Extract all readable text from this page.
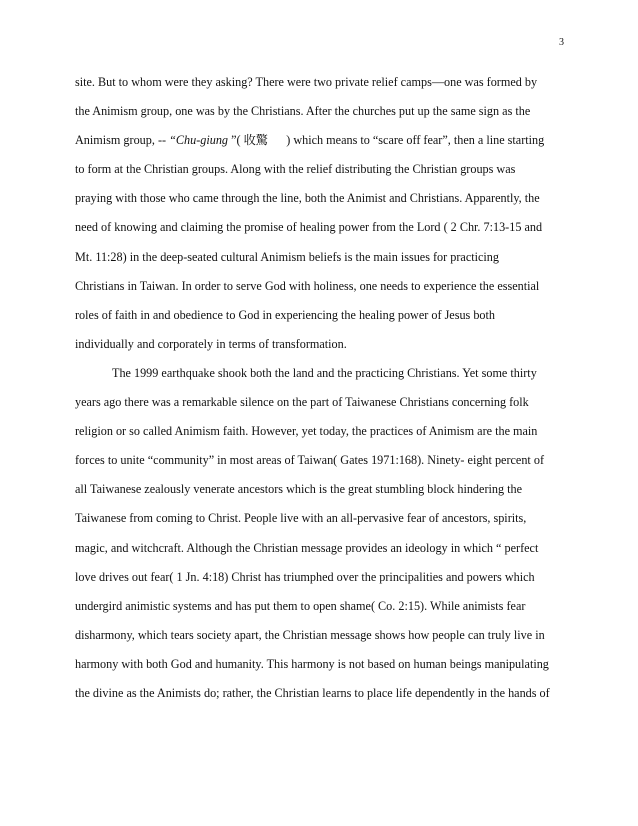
3
site. But to whom were they asking? There were two private relief camps—one was formed by
the Animism group, one was by the Christians. After the churches put up the same sign as the
Animism group, -- “Chu-giung ”( 收驚      ) which means to “scare off fear”, then a line starting
to form at the Christian groups. Along with the relief distributing the Christian groups was
praying with those who came through the line, both the Animist and Christians. Apparently, the
need of knowing and claiming the promise of healing power from the Lord ( 2 Chr. 7:13-15 and
Mt. 11:28) in the deep-seated cultural Animism beliefs is the main issues for practicing
Christians in Taiwan. In order to serve God with holiness, one needs to experience the essential
roles of faith in and obedience to God in experiencing the healing power of Jesus both
individually and corporately in terms of transformation.
The 1999 earthquake shook both the land and the practicing Christians. Yet some thirty
years ago there was a remarkable silence on the part of Taiwanese Christians concerning folk
religion or so called Animism faith. However, yet today, the practices of Animism are the main
forces to unite “community” in most areas of Taiwan( Gates 1971:168). Ninety- eight percent of
all Taiwanese zealously venerate ancestors which is the great stumbling block hindering the
Taiwanese from coming to Christ. People live with an all-pervasive fear of ancestors, spirits,
magic, and witchcraft. Although the Christian message provides an ideology in which “ perfect
love drives out fear( 1 Jn. 4:18) Christ has triumphed over the principalities and powers which
undergird animistic systems and has put them to open shame( Co. 2:15). While animists fear
disharmony, which tears society apart, the Christian message shows how people can truly live in
harmony with both God and humanity. This harmony is not based on human beings manipulating
the divine as the Animists do; rather, the Christian learns to place life dependently in the hands of
